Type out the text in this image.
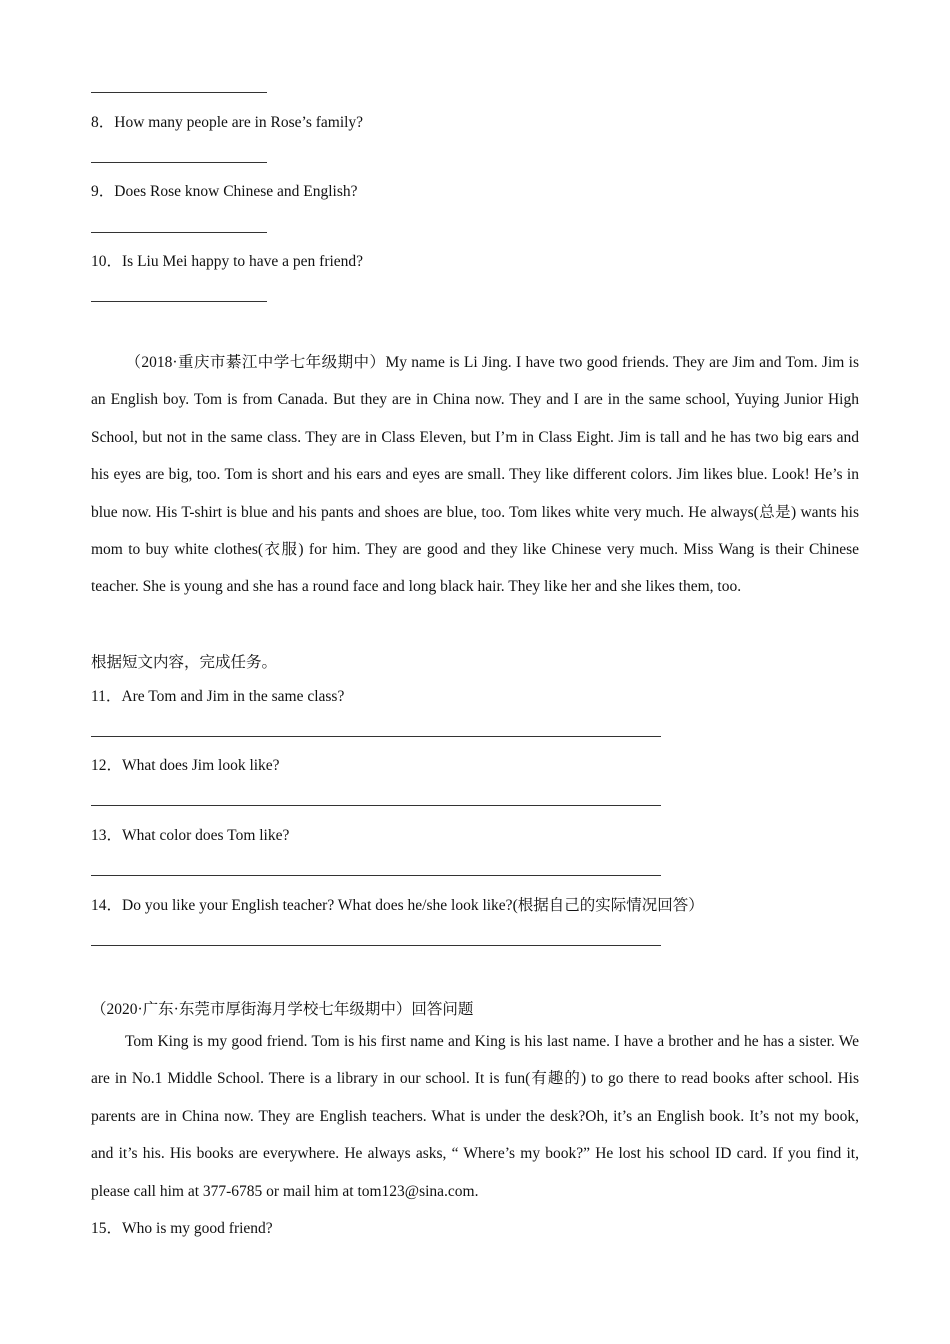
8．How many people are in Rose’s family?
9．Does Rose know Chinese and English?
10．Is Liu Mei happy to have a pen friend?
（2018·重庆市綦江中学七年级期中）My name is Li Jing. I have two good friends. They are Jim and Tom. Jim is an English boy. Tom is from Canada. But they are in China now. They and I are in the same school, Yuying Junior High School, but not in the same class. They are in Class Eleven, but I’m in Class Eight. Jim is tall and he has two big ears and his eyes are big, too. Tom is short and his ears and eyes are small. They like different colors. Jim likes blue. Look! He’s in blue now. His T-shirt is blue and his pants and shoes are blue, too. Tom likes white very much. He always(总是) wants his mom to buy white clothes(衣服) for him. They are good and they like Chinese very much. Miss Wang is their Chinese teacher. She is young and she has a round face and long black hair. They like her and she likes them, too.
根据短文内容，完成任务。
11．Are Tom and Jim in the same class?
12．What does Jim look like?
13．What color does Tom like?
14．Do you like your English teacher? What does he/she look like?(根据自己的实际情况回答）
（2020·广东·东莞市厚街海月学校七年级期中）回答问题
Tom King is my good friend. Tom is his first name and King is his last name. I have a brother and he has a sister. We are in No.1 Middle School. There is a library in our school. It is fun(有趣的) to go there to read books after school. His parents are in China now. They are English teachers. What is under the desk?Oh, it’s an English book. It’s not my book, and it’s his. His books are everywhere. He always asks, “ Where’s my book?” He lost his school ID card. If you find it, please call him at 377-6785 or mail him at tom123@sina.com.
15．Who is my good friend?
